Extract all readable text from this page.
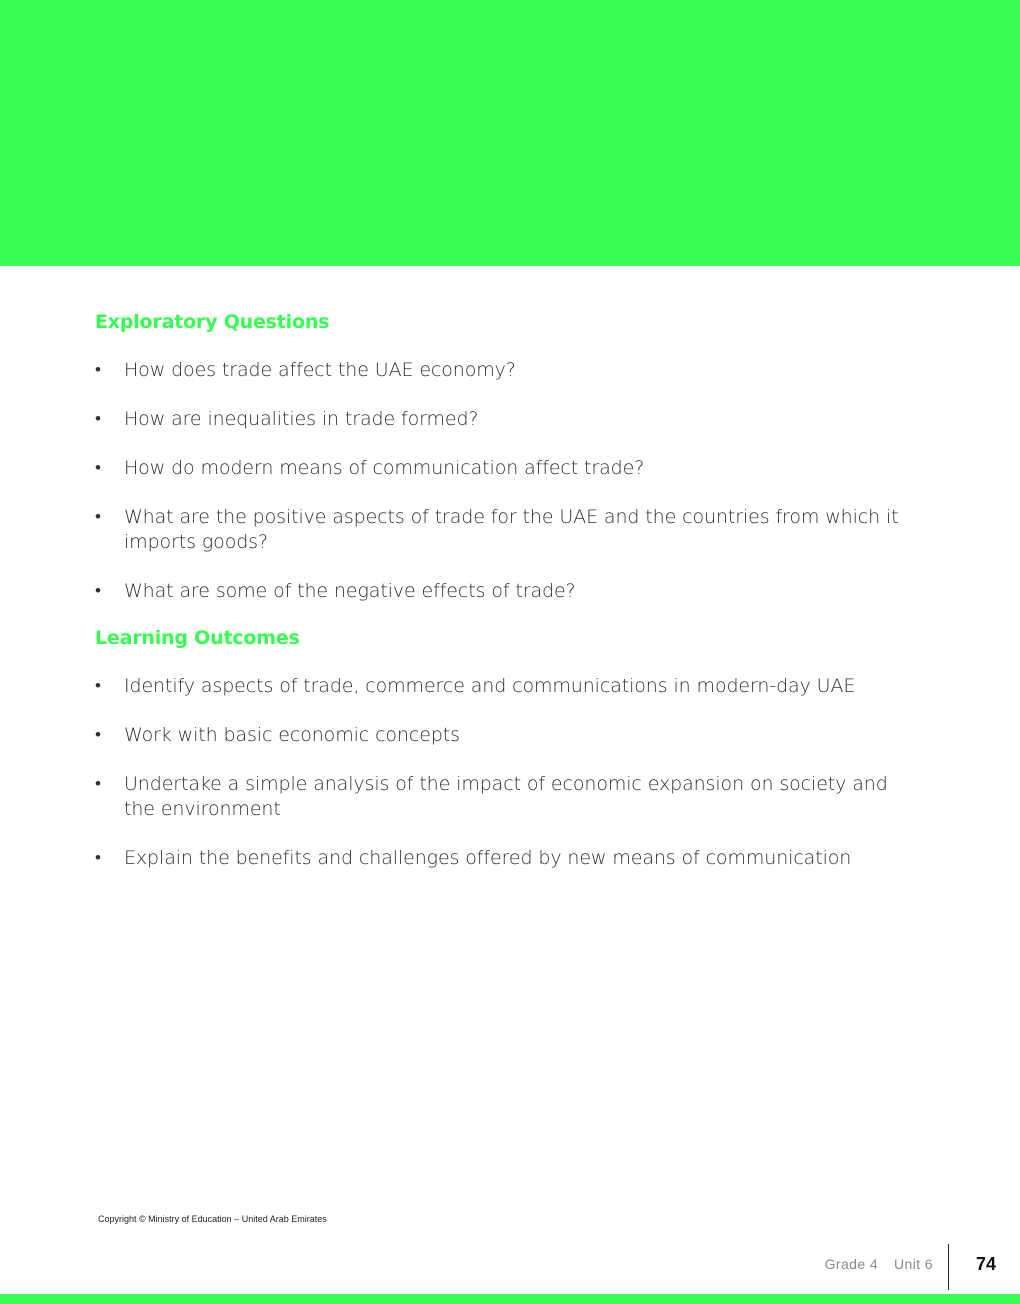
Exploratory Questions
• How does trade affect the UAE economy?
• How are inequalities in trade formed?
• How do modern means of communication affect trade?
• What are the positive aspects of trade for the UAE and the countries from which it imports goods?
• What are some of the negative effects of trade?
Learning Outcomes
• Identify aspects of trade, commerce and communications in modern-day UAE
• Work with basic economic concepts
• Undertake a simple analysis of the impact of economic expansion on society and the environment
• Explain the benefits and challenges offered by new means of communication
Copyright © Ministry of Education – United Arab Emirates
Grade 4 Unit 6 74
